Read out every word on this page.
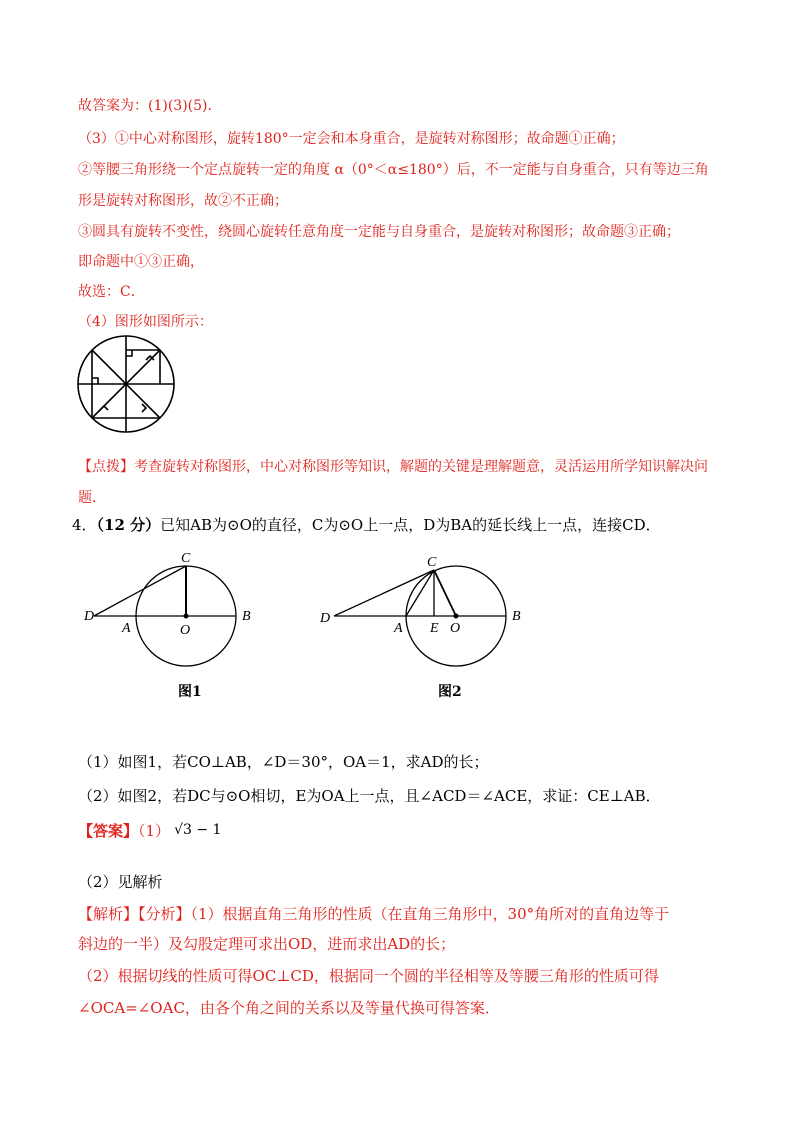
故答案为：(1)(3)(5)．
（3）①中心对称图形，旋转180°一定会和本身重合，是旋转对称图形；故命题①正确；
②等腰三角形绕一个定点旋转一定的角度 α（0°＜α≤180°）后，不一定能与自身重合，只有等边三角
形是旋转对称图形，故②不正确；
③圆具有旋转不变性，绕圆心旋转任意角度一定能与自身重合，是旋转对称图形；故命题③正确；
即命题中①③正确，
故选：C．
（4）图形如图所示：
【点拨】考查旋转对称图形，中心对称图形等知识，解题的关键是理解题意，灵活运用所学知识解决问
题．
4．（12 分）已知AB为⊙O的直径，C为⊙O上一点，D为BA的延长线上一点，连接CD．
C
D
A	O
B
图1
C
D
A E O
B
图2
（1）如图1，若CO⊥AB，∠D＝30°，OA＝1，求AD的长；
（2）如图2，若DC与⊙O相切，E为OA上一点，且∠ACD＝∠ACE，求证：CE⊥AB．
【答案】（1） √3 − 1
（2）见解析
【解析】【分析】（1）根据直角三角形的性质（在直角三角形中，30°角所对的直角边等于
斜边的一半）及勾股定理可求出OD，进而求出AD的长；
（2）根据切线的性质可得OC⊥CD，根据同一个圆的半径相等及等腰三角形的性质可得
∠OCA=∠OAC，由各个角之间的关系以及等量代换可得答案．
